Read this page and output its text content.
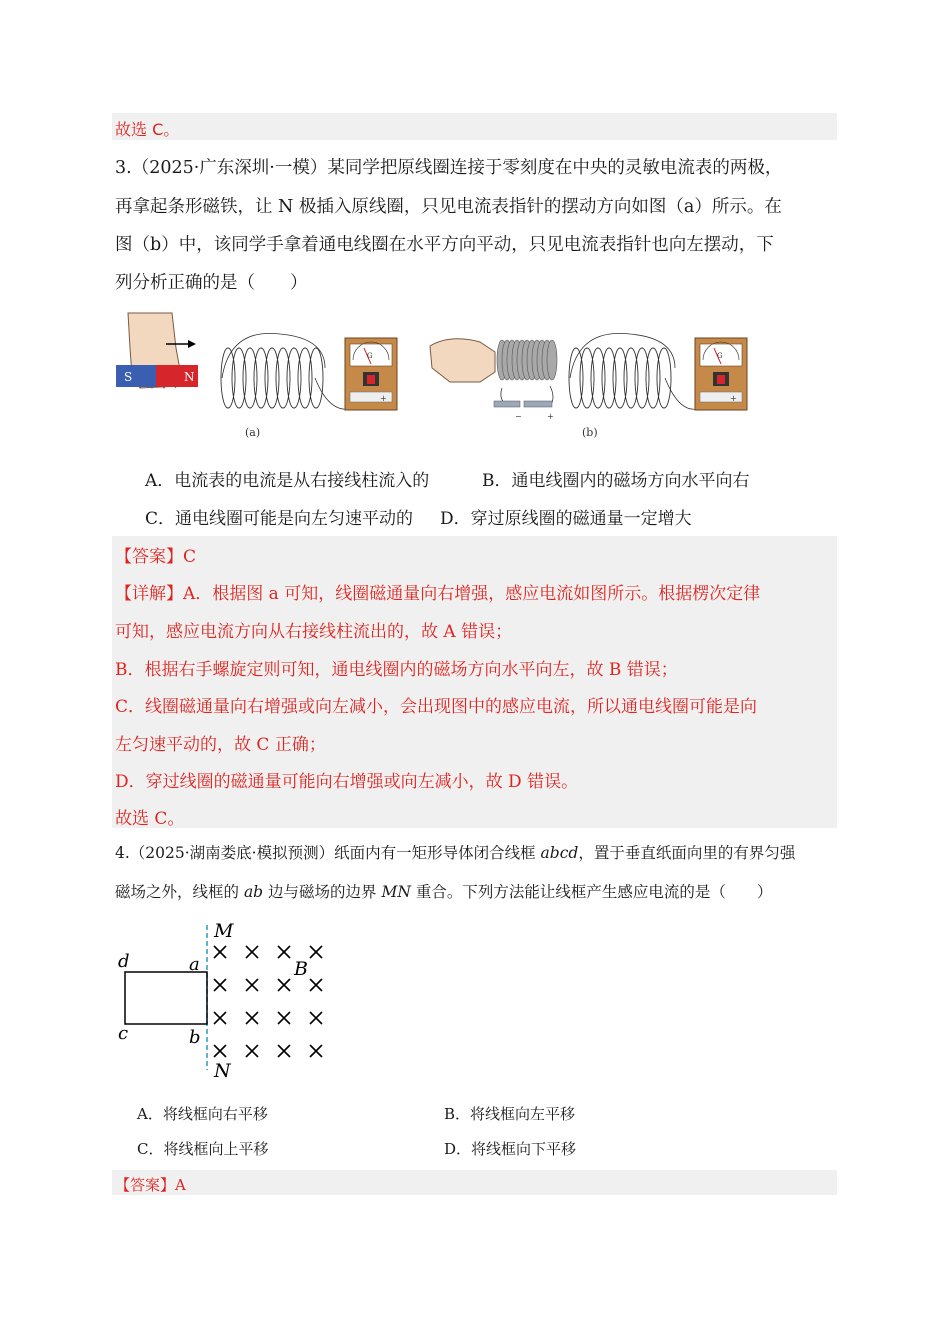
故选 C。
3.（2025·广东深圳·一模）某同学把原线圈连接于零刻度在中央的灵敏电流表的两极，
再拿起条形磁铁，让 N 极插入原线圈，只见电流表指针的摆动方向如图（a）所示。在
图（b）中，该同学手拿着通电线圈在水平方向平动，只见电流表指针也向左摆动，下
列分析正确的是（　　）
S	N
G
+
(a)
−	+
G
+
(b)
A．电流表的电流是从右接线柱流入的	B．通电线圈内的磁场方向水平向右
C．通电线圈可能是向左匀速平动的 D．穿过原线圈的磁通量一定增大
【答案】C
【详解】A．根据图 a 可知，线圈磁通量向右增强，感应电流如图所示。根据楞次定律
可知，感应电流方向从右接线柱流出的，故 A 错误；
B．根据右手螺旋定则可知，通电线圈内的磁场方向水平向左，故 B 错误；
C．线圈磁通量向右增强或向左减小，会出现图中的感应电流，所以通电线圈可能是向
左匀速平动的，故 C 正确；
D．穿过线圈的磁通量可能向右增强或向左减小，故 D 错误。
故选 C。
4.（2025·湖南娄底·模拟预测）纸面内有一矩形导体闭合线框 abcd，置于垂直纸面向里的有界匀强
磁场之外，线框的 ab 边与磁场的边界 MN 重合。下列方法能让线框产生感应电流的是（　　）
M
N
B
a
b
c
d
A．将线框向右平移	B．将线框向左平移
C．将线框向上平移	D．将线框向下平移
【答案】A
